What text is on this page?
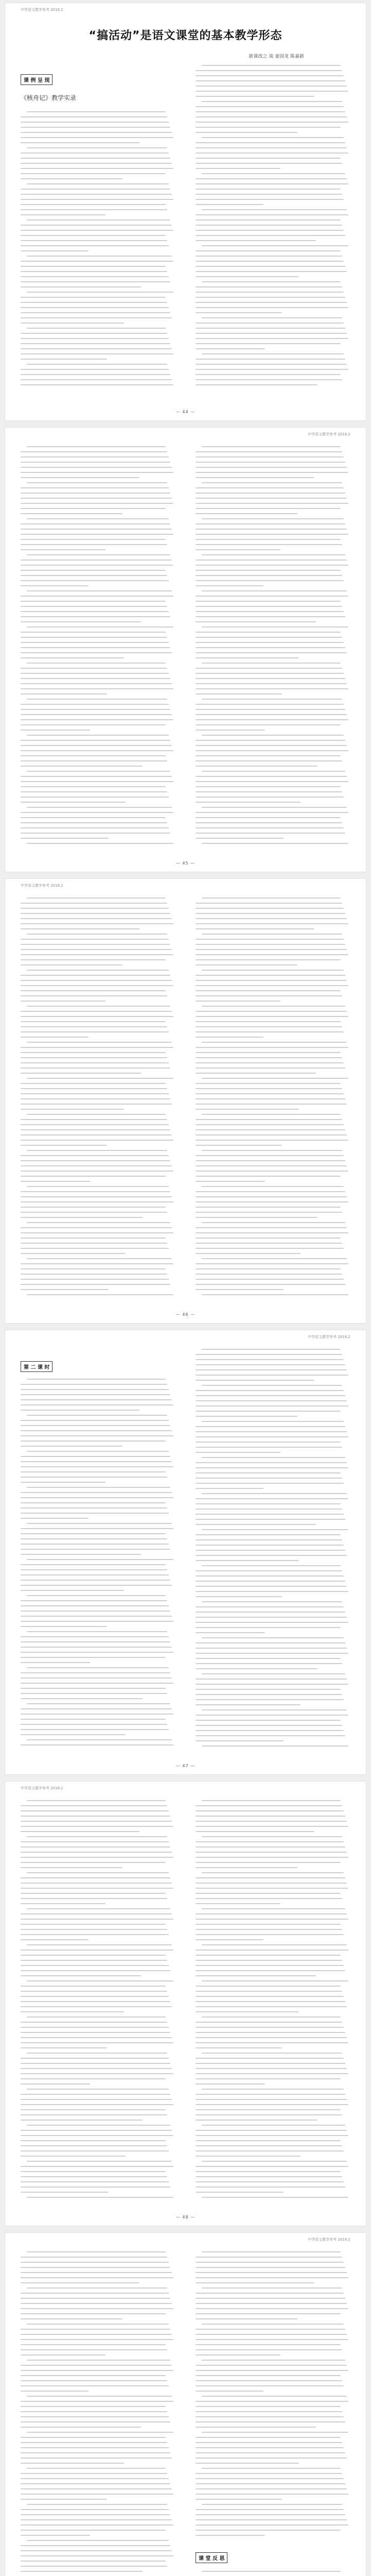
中学语文教学参考 2016.2
“搞活动”是语文课堂的基本教学形态
新课改之 谈 童国龙 陈嘉新
课 例 呈 现
《核舟记》教学实录
— 44 —
中学语文教学参考 2016.2
— 45 —
中学语文教学参考 2016.2
— 46 —
中学语文教学参考 2016.2
第 二 课 时
— 47 —
中学语文教学参考 2016.2
— 48 —
中学语文教学参考 2016.2
课 堂 反 思
